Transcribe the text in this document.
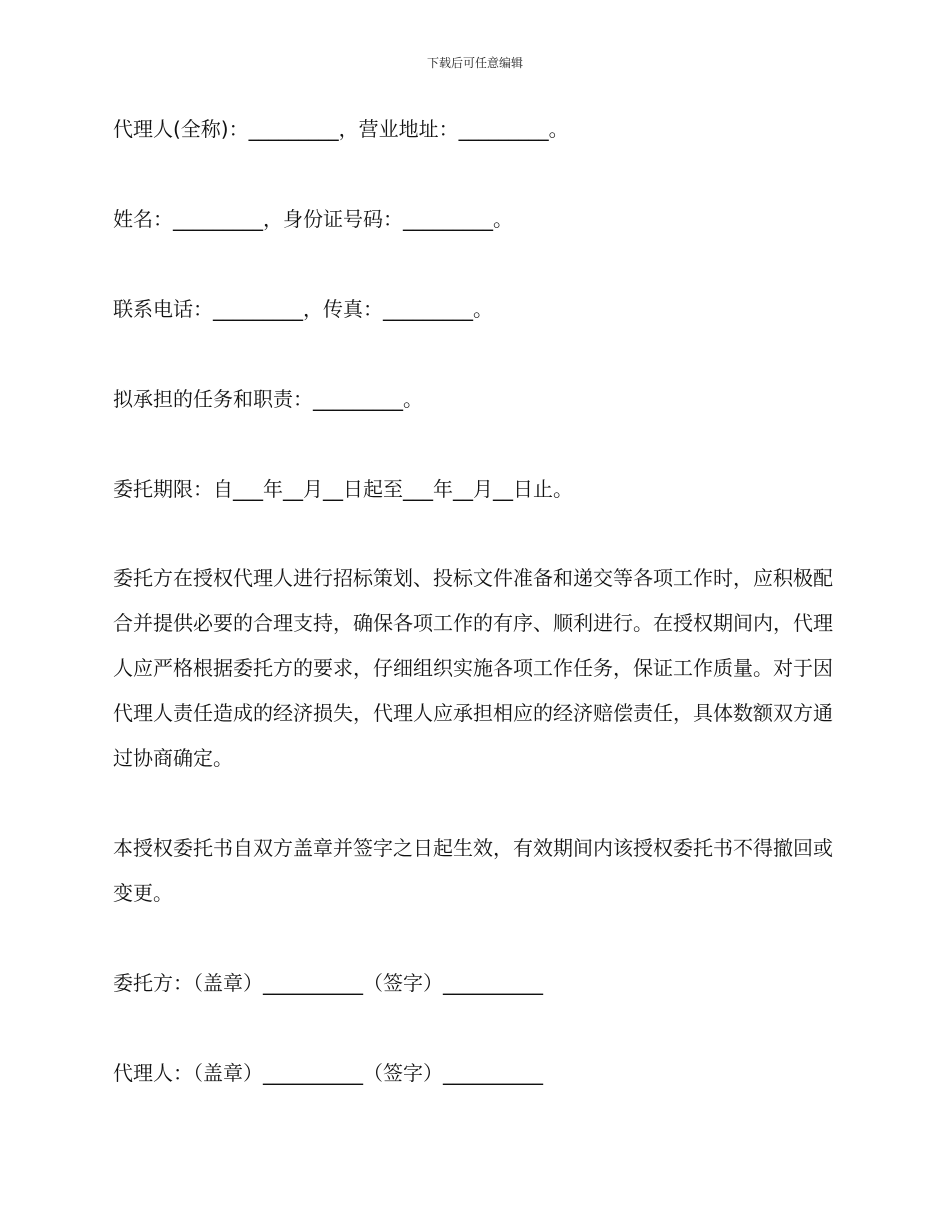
下载后可任意编辑
代理人(全称)：_________，营业地址：_________。
姓名：_________，身份证号码：_________。
联系电话：_________，传真：_________。
拟承担的任务和职责：_________。
委托期限：自___年__月__日起至___年__月__日止。
委托方在授权代理人进行招标策划、投标文件准备和递交等各项工作时，应积极配合并提供必要的合理支持，确保各项工作的有序、顺利进行。在授权期间内，代理人应严格根据委托方的要求，仔细组织实施各项工作任务，保证工作质量。对于因代理人责任造成的经济损失，代理人应承担相应的经济赔偿责任，具体数额双方通过协商确定。
本授权委托书自双方盖章并签字之日起生效，有效期间内该授权委托书不得撤回或变更。
委托方：（盖章）__________（签字）__________
代理人：（盖章）__________（签字）__________
